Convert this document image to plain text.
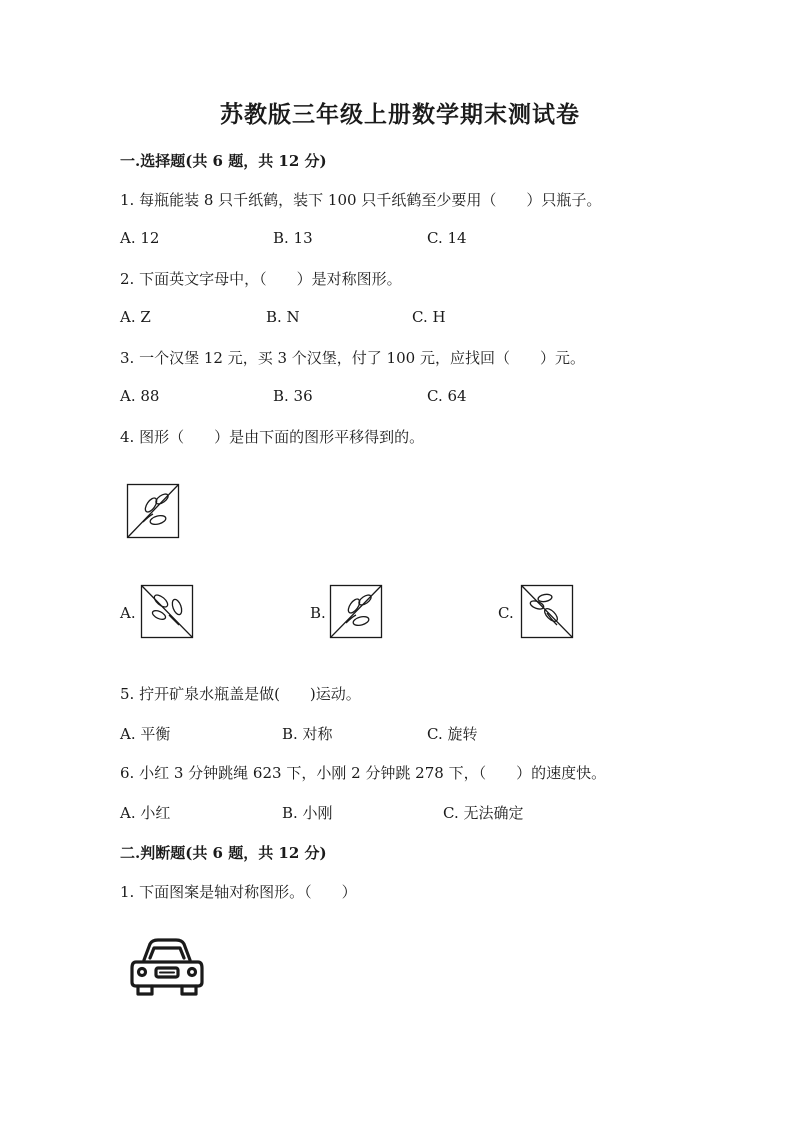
苏教版三年级上册数学期末测试卷
一.选择题(共 6 题，共 12 分)
1. 每瓶能装 8 只千纸鹤，装下 100 只千纸鹤至少要用（　　）只瓶子。
A. 12	B. 13	C. 14
2. 下面英文字母中，（　　）是对称图形。
A. Z	B. N	C. H
3. 一个汉堡 12 元，买 3 个汉堡，付了 100 元，应找回（　　）元。
A. 88	B. 36	C. 64
4. 图形（　　）是由下面的图形平移得到的。
A.	B.	C.
5. 拧开矿泉水瓶盖是做(　　)运动。
A. 平衡	B. 对称	C. 旋转
6. 小红 3 分钟跳绳 623 下，小刚 2 分钟跳 278 下，（　　）的速度快。
A. 小红	B. 小刚	C. 无法确定
二.判断题(共 6 题，共 12 分)
1. 下面图案是轴对称图形。（　　）
